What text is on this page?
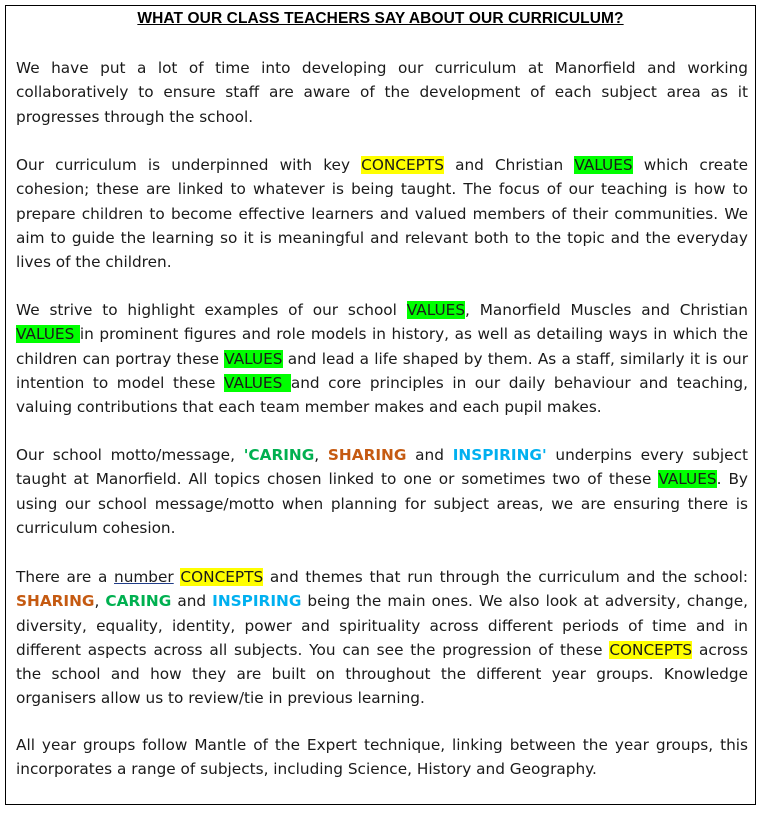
WHAT OUR CLASS TEACHERS SAY ABOUT OUR CURRICULUM?

We have put a lot of time into developing our curriculum at Manorfield and working collaboratively to ensure staff are aware of the development of each subject area as it progresses through the school.

Our curriculum is underpinned with key CONCEPTS and Christian VALUES which create cohesion; these are linked to whatever is being taught. The focus of our teaching is how to prepare children to become effective learners and valued members of their communities. We aim to guide the learning so it is meaningful and relevant both to the topic and the everyday lives of the children.

We strive to highlight examples of our school VALUES, Manorfield Muscles and Christian VALUES in prominent figures and role models in history, as well as detailing ways in which the children can portray these VALUES and lead a life shaped by them. As a staff, similarly it is our intention to model these VALUES and core principles in our daily behaviour and teaching, valuing contributions that each team member makes and each pupil makes.

Our school motto/message, 'CARING, SHARING and INSPIRING' underpins every subject taught at Manorfield. All topics chosen linked to one or sometimes two of these VALUES. By using our school message/motto when planning for subject areas, we are ensuring there is curriculum cohesion.

There are a number CONCEPTS and themes that run through the curriculum and the school: SHARING, CARING and INSPIRING being the main ones. We also look at adversity, change, diversity, equality, identity, power and spirituality across different periods of time and in different aspects across all subjects. You can see the progression of these CONCEPTS across the school and how they are built on throughout the different year groups. Knowledge organisers allow us to review/tie in previous learning.

All year groups follow Mantle of the Expert technique, linking between the year groups, this incorporates a range of subjects, including Science, History and Geography.
